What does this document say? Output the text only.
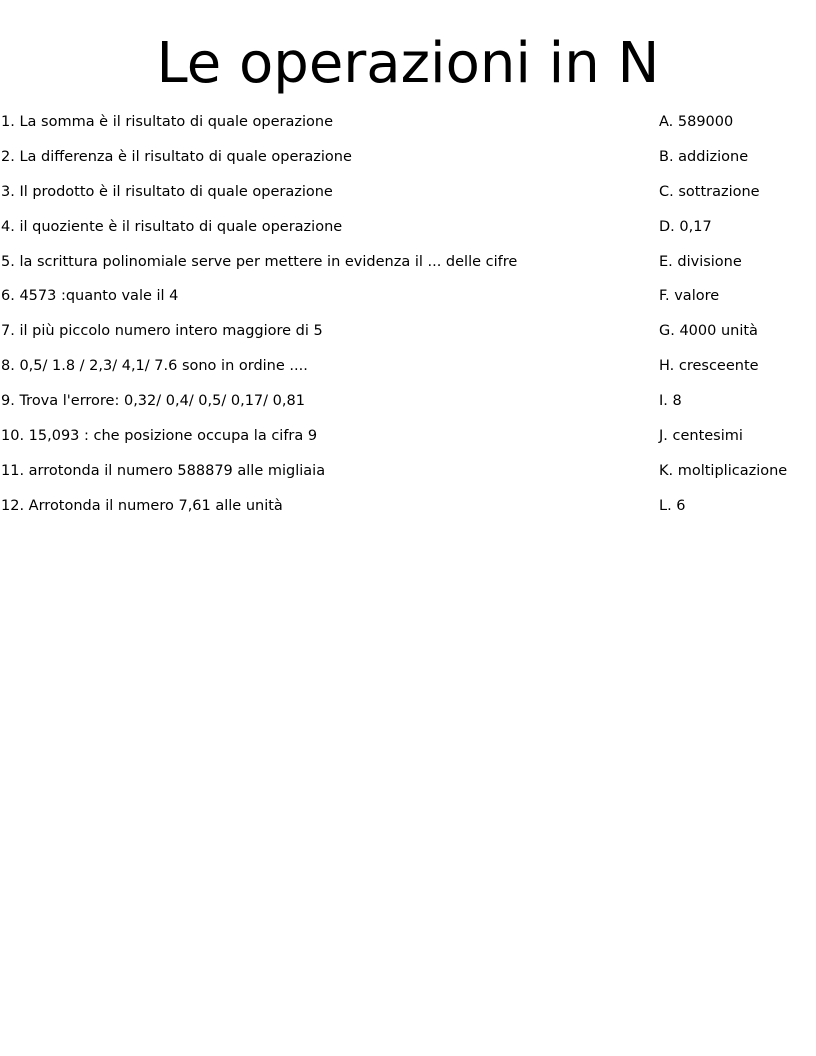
Le operazioni in N
1. La somma è il risultato di quale operazione	A. 589000
2. La differenza è il risultato di quale operazione	B. addizione
3. Il prodotto è il risultato di quale operazione	C. sottrazione
4. il quoziente è il risultato di quale operazione	D. 0,17
5. la scrittura polinomiale serve per mettere in evidenza il ... delle cifre	E. divisione
6. 4573 :quanto vale il 4	F. valore
7. il più piccolo numero intero maggiore di 5	G. 4000 unità
8. 0,5/ 1.8 / 2,3/ 4,1/ 7.6 sono in ordine ....	H. cresceente
9. Trova l'errore: 0,32/ 0,4/ 0,5/ 0,17/ 0,81	I. 8
10. 15,093 : che posizione occupa la cifra 9	J. centesimi
11. arrotonda il numero 588879 alle migliaia	K. moltiplicazione
12. Arrotonda il numero 7,61 alle unità	L. 6
